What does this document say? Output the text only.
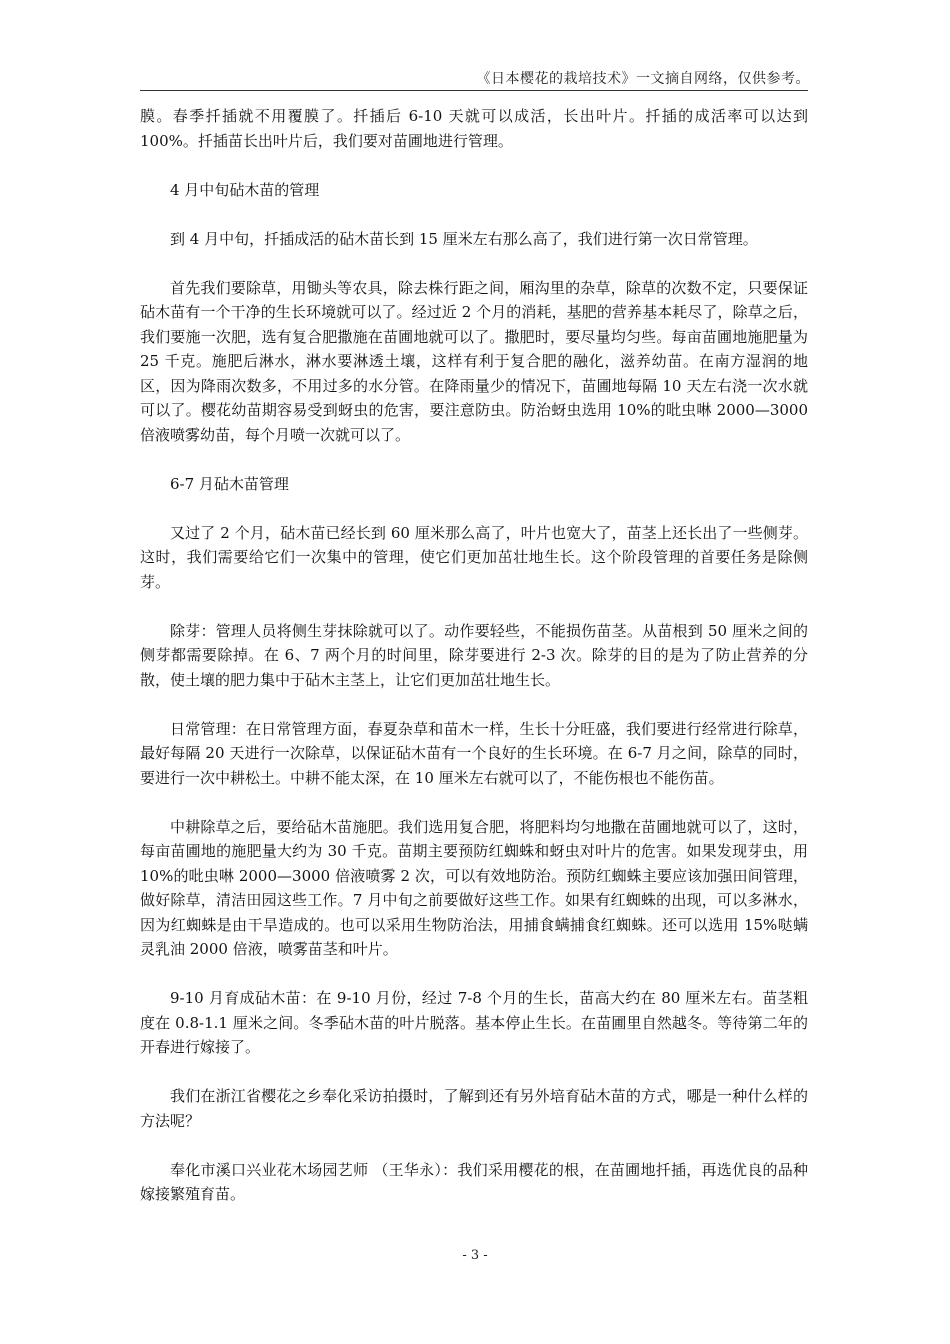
《日本樱花的栽培技术》一文摘自网络，仅供参考。

膜。春季扦插就不用覆膜了。扦插后 6-10 天就可以成活，长出叶片。扦插的成活率可以达到 100%。扦插苗长出叶片后，我们要对苗圃地进行管理。

4 月中旬砧木苗的管理

到 4 月中旬，扦插成活的砧木苗长到 15 厘米左右那么高了，我们进行第一次日常管理。

首先我们要除草，用锄头等农具，除去株行距之间，厢沟里的杂草，除草的次数不定，只要保证砧木苗有一个干净的生长环境就可以了。经过近 2 个月的消耗，基肥的营养基本耗尽了，除草之后，我们要施一次肥，选有复合肥撒施在苗圃地就可以了。撒肥时，要尽量均匀些。每亩苗圃地施肥量为 25 千克。施肥后淋水，淋水要淋透土壤，这样有利于复合肥的融化，滋养幼苗。在南方湿润的地区，因为降雨次数多，不用过多的水分管。在降雨量少的情况下，苗圃地每隔 10 天左右浇一次水就可以了。樱花幼苗期容易受到蚜虫的危害，要注意防虫。防治蚜虫选用 10%的吡虫啉 2000—3000 倍液喷雾幼苗，每个月喷一次就可以了。

6-7 月砧木苗管理

又过了 2 个月，砧木苗已经长到 60 厘米那么高了，叶片也宽大了，苗茎上还长出了一些侧芽。这时，我们需要给它们一次集中的管理，使它们更加茁壮地生长。这个阶段管理的首要任务是除侧芽。

除芽：管理人员将侧生芽抹除就可以了。动作要轻些，不能损伤苗茎。从苗根到 50 厘米之间的侧芽都需要除掉。在 6、7 两个月的时间里，除芽要进行 2-3 次。除芽的目的是为了防止营养的分散，使土壤的肥力集中于砧木主茎上，让它们更加茁壮地生长。

日常管理：在日常管理方面，春夏杂草和苗木一样，生长十分旺盛，我们要进行经常进行除草，最好每隔 20 天进行一次除草，以保证砧木苗有一个良好的生长环境。在 6-7 月之间，除草的同时，要进行一次中耕松土。中耕不能太深，在 10 厘米左右就可以了，不能伤根也不能伤苗。

中耕除草之后，要给砧木苗施肥。我们选用复合肥，将肥料均匀地撒在苗圃地就可以了，这时，每亩苗圃地的施肥量大约为 30 千克。苗期主要预防红蜘蛛和蚜虫对叶片的危害。如果发现芽虫，用 10%的吡虫啉 2000—3000 倍液喷雾 2 次，可以有效地防治。预防红蜘蛛主要应该加强田间管理，做好除草，清洁田园这些工作。7 月中旬之前要做好这些工作。如果有红蜘蛛的出现，可以多淋水，因为红蜘蛛是由干旱造成的。也可以采用生物防治法，用捕食螨捕食红蜘蛛。还可以选用 15%哒螨灵乳油 2000 倍液，喷雾苗茎和叶片。

9-10 月育成砧木苗：在 9-10 月份，经过 7-8 个月的生长，苗高大约在 80 厘米左右。苗茎粗度在 0.8-1.1 厘米之间。冬季砧木苗的叶片脱落。基本停止生长。在苗圃里自然越冬。等待第二年的开春进行嫁接了。

我们在浙江省樱花之乡奉化采访拍摄时，了解到还有另外培育砧木苗的方式，哪是一种什么样的方法呢？

奉化市溪口兴业花木场园艺师 （王华永）：我们采用樱花的根，在苗圃地扦插，再选优良的品种嫁接繁殖育苗。

- 3 -
